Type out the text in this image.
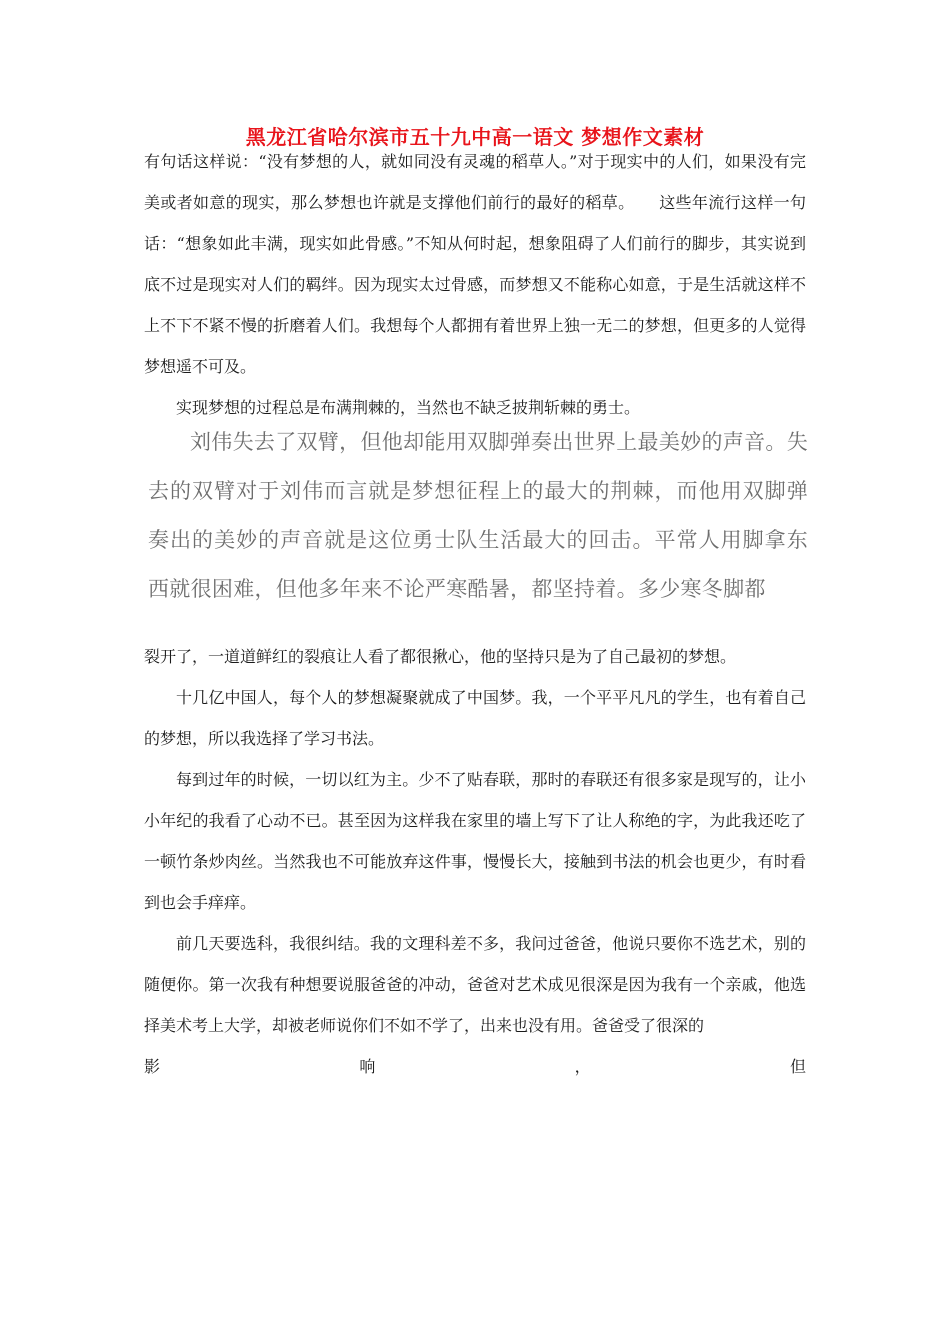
黑龙江省哈尔滨市五十九中高一语文 梦想作文素材

有句话这样说：“没有梦想的人，就如同没有灵魂的稻草人。”对于现实中的人们，如果没有完美或者如意的现实，那么梦想也许就是支撑他们前行的最好的稻草。　　这些年流行这样一句话：“想象如此丰满，现实如此骨感。”不知从何时起，想象阻碍了人们前行的脚步，其实说到底不过是现实对人们的羁绊。因为现实太过骨感，而梦想又不能称心如意，于是生活就这样不上不下不紧不慢的折磨着人们。我想每个人都拥有着世界上独一无二的梦想，但更多的人觉得梦想遥不可及。

实现梦想的过程总是布满荆棘的，当然也不缺乏披荆斩棘的勇士。

刘伟失去了双臂，但他却能用双脚弹奏出世界上最美妙的声音。失去的双臂对于刘伟而言就是梦想征程上的最大的荆棘，而他用双脚弹奏出的美妙的声音就是这位勇士队生活最大的回击。平常人用脚拿东西就很困难，但他多年来不论严寒酷暑，都坚持着。多少寒冬脚都

裂开了，一道道鲜红的裂痕让人看了都很揪心，他的坚持只是为了自己最初的梦想。

十几亿中国人，每个人的梦想凝聚就成了中国梦。我，一个平平凡凡的学生，也有着自己的梦想，所以我选择了学习书法。

每到过年的时候，一切以红为主。少不了贴春联，那时的春联还有很多家是现写的，让小小年纪的我看了心动不已。甚至因为这样我在家里的墙上写下了让人称绝的字，为此我还吃了一顿竹条炒肉丝。当然我也不可能放弃这件事，慢慢长大，接触到书法的机会也更少，有时看到也会手痒痒。

前几天要选科，我很纠结。我的文理科差不多，我问过爸爸，他说只要你不选艺术，别的随便你。第一次我有种想要说服爸爸的冲动，爸爸对艺术成见很深是因为我有一个亲戚，他选择美术考上大学，却被老师说你们不如不学了，出来也没有用。爸爸受了很深的

影	响	，	但
